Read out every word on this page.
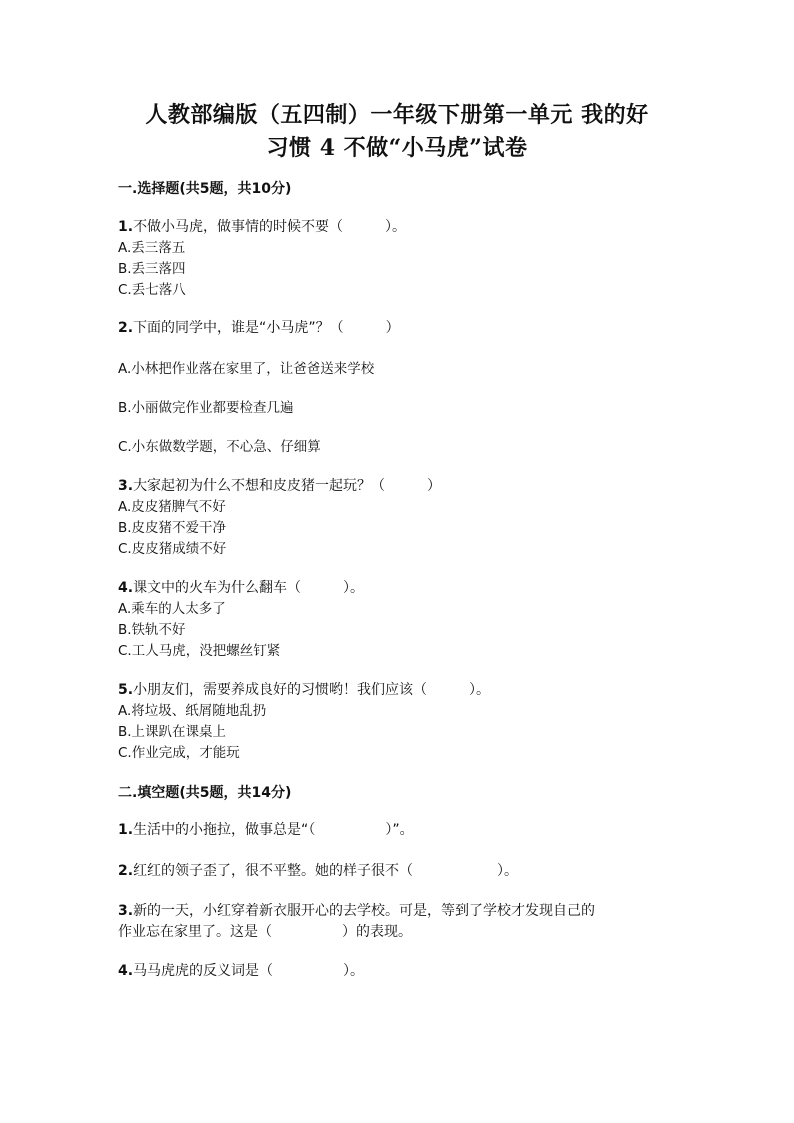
人教部编版（五四制）一年级下册第一单元 我的好
习惯 4 不做“小马虎”试卷
一.选择题(共5题，共10分)
1.不做小马虎，做事情的时候不要（　　　）。
A.丢三落五
B.丢三落四
C.丢七落八
2.下面的同学中，谁是“小马虎”？（　　　）
A.小林把作业落在家里了，让爸爸送来学校
B.小丽做完作业都要检查几遍
C.小东做数学题，不心急、仔细算
3.大家起初为什么不想和皮皮猪一起玩？（　　　）
A.皮皮猪脾气不好
B.皮皮猪不爱干净
C.皮皮猪成绩不好
4.课文中的火车为什么翻车（　　　）。
A.乘车的人太多了
B.铁轨不好
C.工人马虎，没把螺丝钉紧
5.小朋友们，需要养成良好的习惯哟！我们应该（　　　）。
A.将垃圾、纸屑随地乱扔
B.上课趴在课桌上
C.作业完成，才能玩
二.填空题(共5题，共14分)
1.生活中的小拖拉，做事总是“（　　　　　）”。
2.红红的领子歪了，很不平整。她的样子很不（　　　　　　）。
3.新的一天，小红穿着新衣服开心的去学校。可是，等到了学校才发现自己的
作业忘在家里了。这是（　　　　　）的表现。
4.马马虎虎的反义词是（　　　　　）。
